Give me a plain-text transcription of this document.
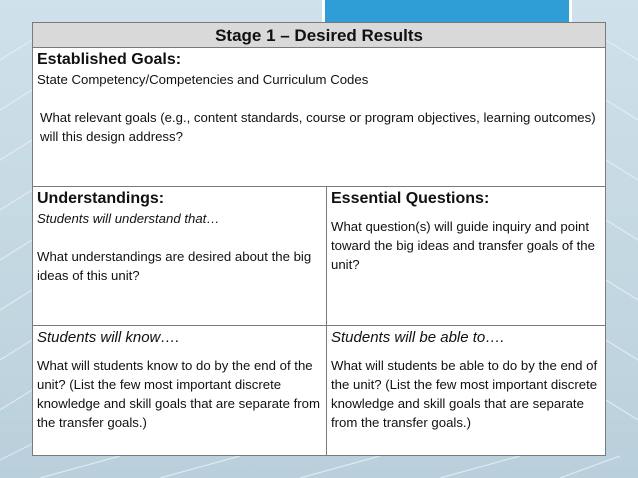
Stage 1 – Desired Results
Established Goals:
State Competency/Competencies and Curriculum Codes
What relevant goals (e.g., content standards, course or program objectives, learning outcomes) will this design address?
Understandings:
Students will understand that…
What understandings are desired about the big ideas of this unit?
Essential Questions:
What question(s) will guide inquiry and point toward the big ideas and transfer goals of the unit?
Students will know….
What will students know to do by the end of the unit? (List the few most important discrete knowledge and skill goals that are separate from the transfer goals.)
Students will be able to….
What will students be able to do by the end of the unit? (List the few most important discrete knowledge and skill goals that are separate from the transfer goals.)
